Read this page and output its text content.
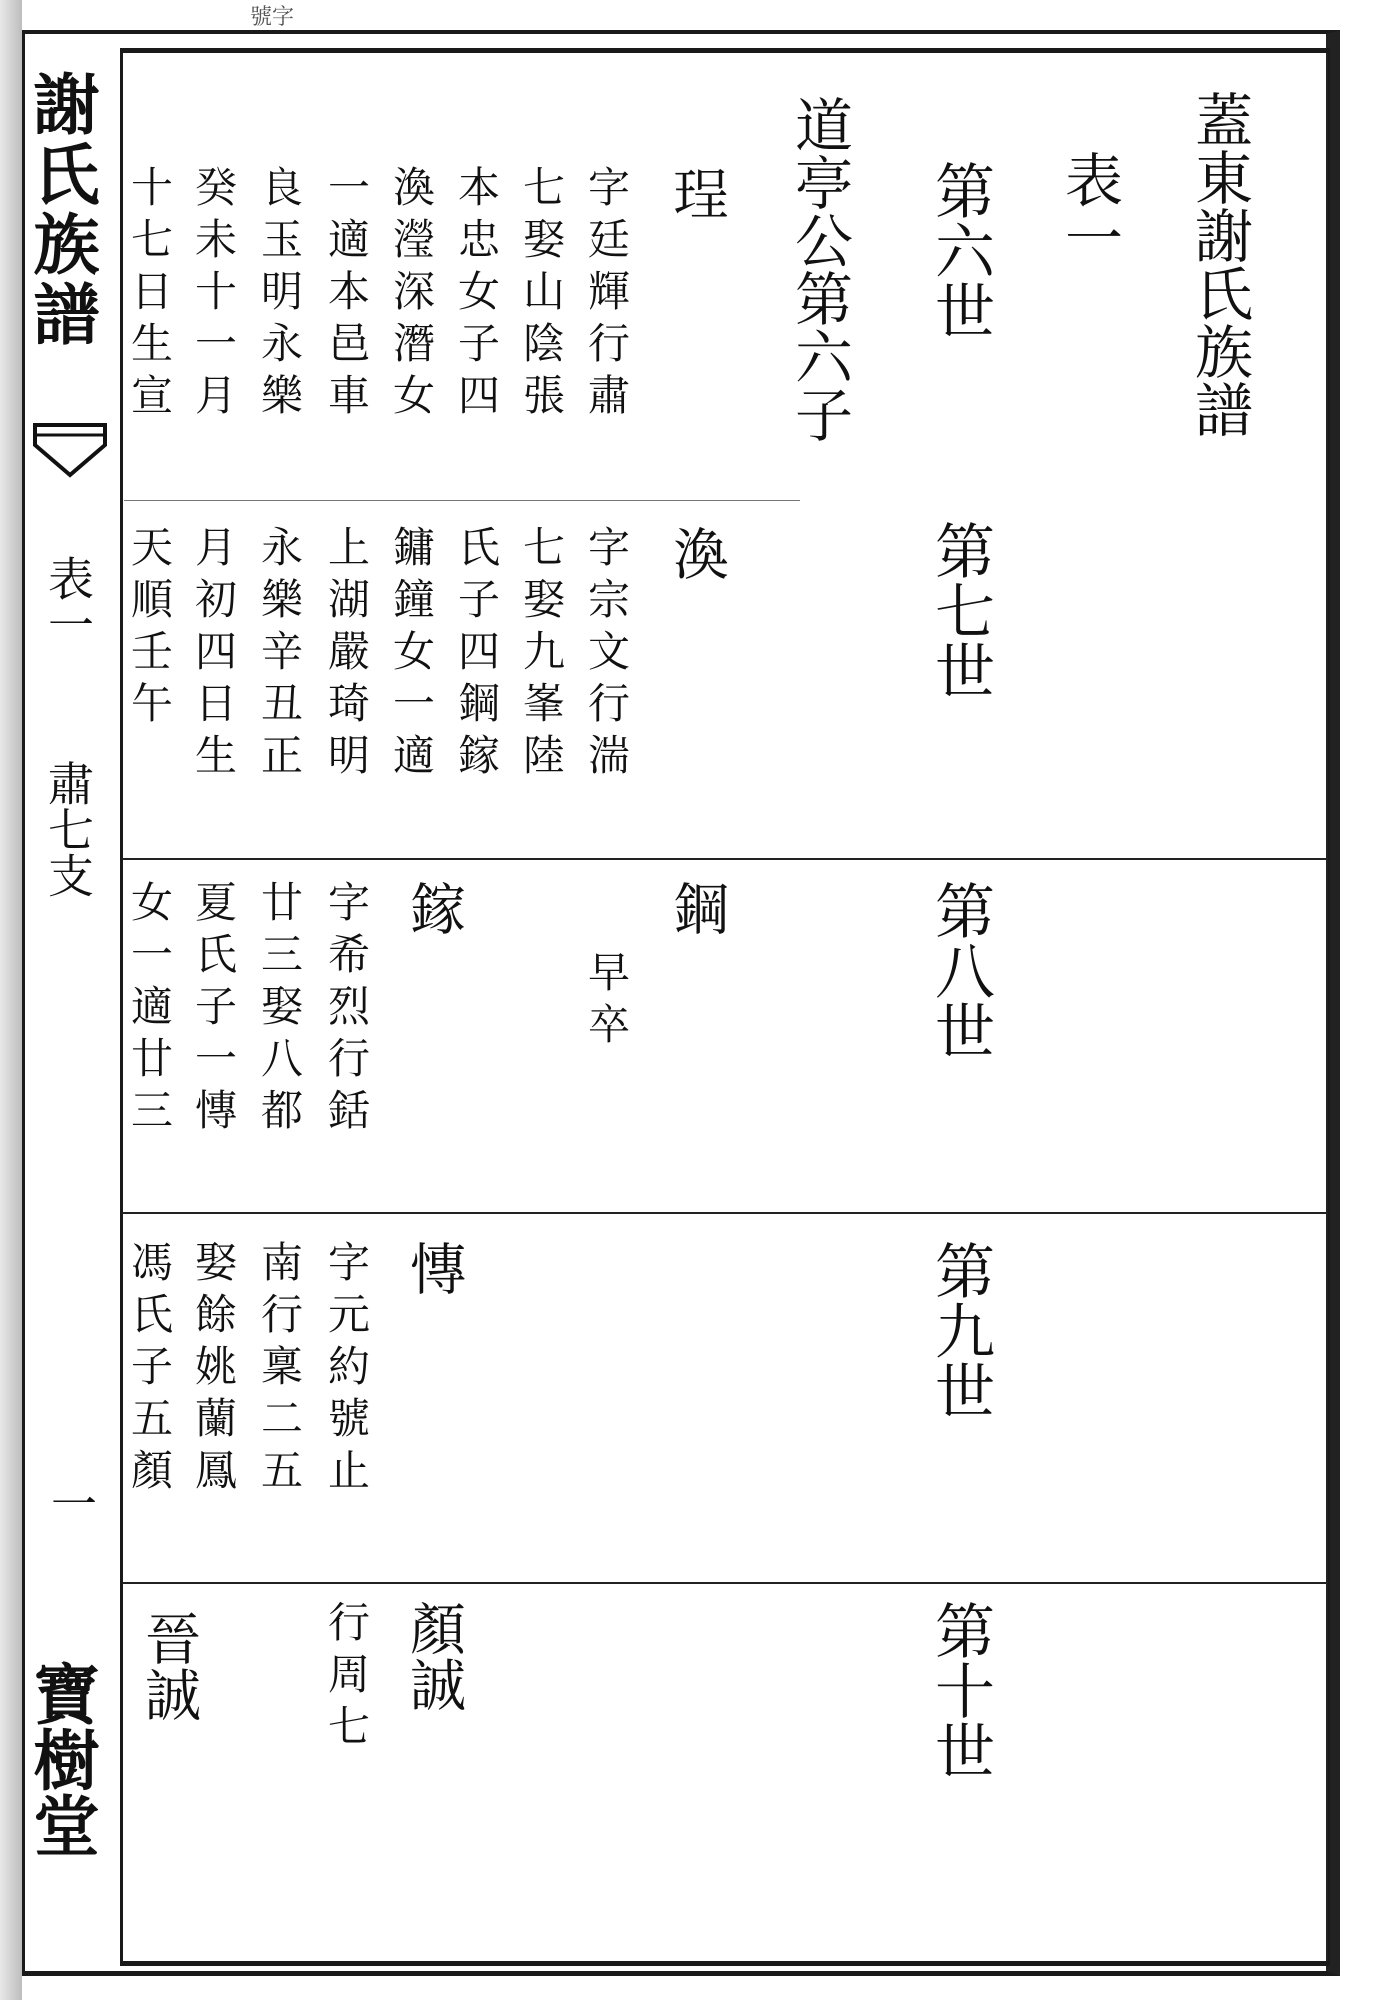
號字
謝氏族譜
表一
肅七支
一
寶樹堂
蓋東謝氏族譜
表一
道亭公第六子 第六世
第七世
第八世
第九世
第十世
珵
字廷輝行肅
七娶山陰張
本忠女子四
渙瀅深潛女
一適本邑車
良玉明永樂
癸未十一月
十七日生宣
渙
字宗文行湍
七娶九峯陸
氏子四鋼鎵
鏞鐘女一適
上湖嚴琦明
永樂辛丑正
月初四日生
天順壬午
鋼
早卒
鎵
字希烈行銛
廿三娶八都
夏氏子一慱
女一適廿三
慱
字元約號止
南行稟二五
娶餘姚蘭鳳
馮氏子五顏
顏誠
行周七
晉誠
